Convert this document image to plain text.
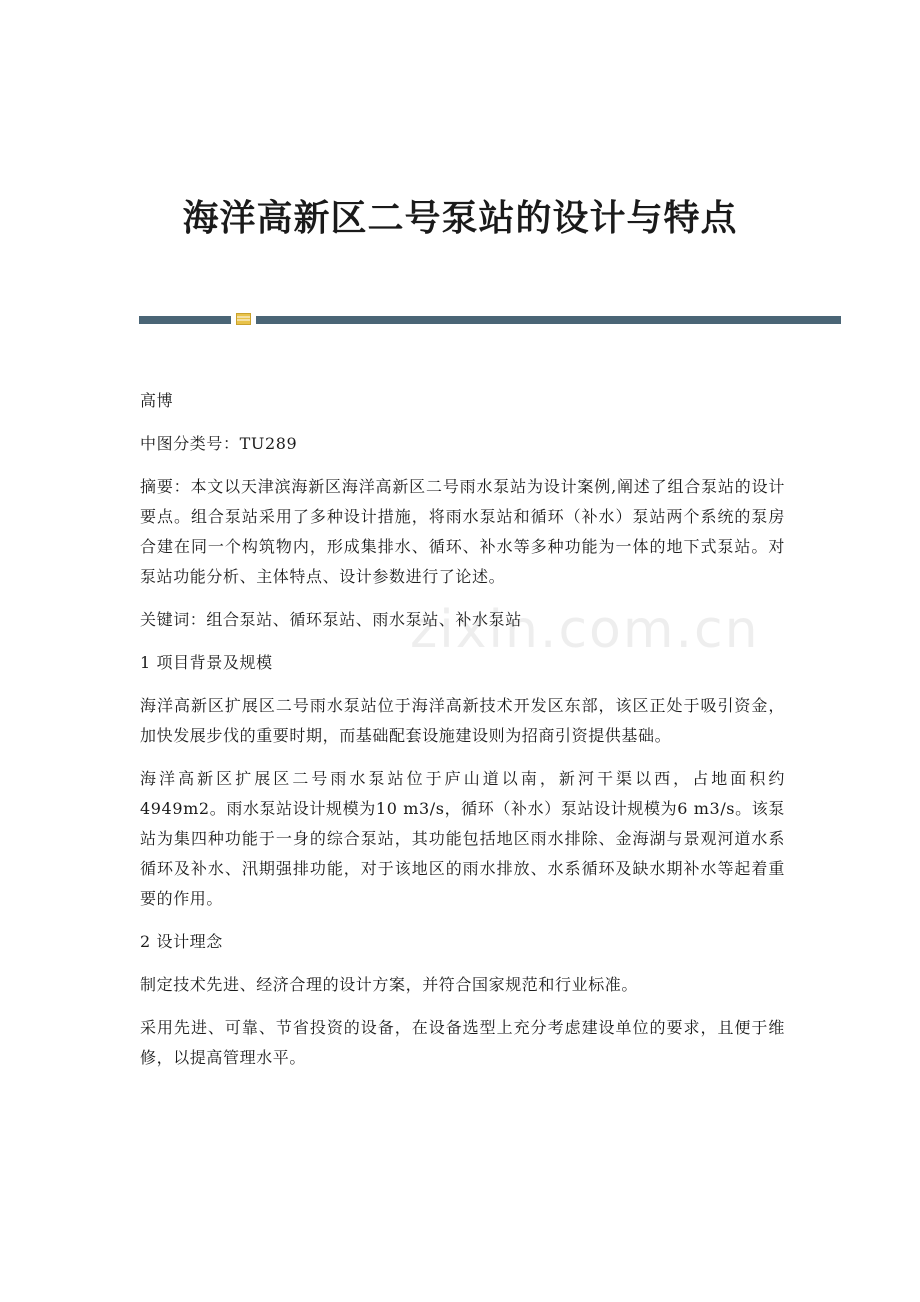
海洋高新区二号泵站的设计与特点
zixin.com.cn

高博

中图分类号：TU289

摘要：本文以天津滨海新区海洋高新区二号雨水泵站为设计案例,阐述了组合泵站的设计要点。组合泵站采用了多种设计措施，将雨水泵站和循环（补水）泵站两个系统的泵房合建在同一个构筑物内，形成集排水、循环、补水等多种功能为一体的地下式泵站。对泵站功能分析、主体特点、设计参数进行了论述。

关键词：组合泵站、循环泵站、雨水泵站、补水泵站

1 项目背景及规模

海洋高新区扩展区二号雨水泵站位于海洋高新技术开发区东部，该区正处于吸引资金，加快发展步伐的重要时期，而基础配套设施建设则为招商引资提供基础。

海洋高新区扩展区二号雨水泵站位于庐山道以南，新河干渠以西，占地面积约4949m2。雨水泵站设计规模为10 m3/s，循环（补水）泵站设计规模为6 m3/s。该泵站为集四种功能于一身的综合泵站，其功能包括地区雨水排除、金海湖与景观河道水系循环及补水、汛期强排功能，对于该地区的雨水排放、水系循环及缺水期补水等起着重要的作用。

2 设计理念

制定技术先进、经济合理的设计方案，并符合国家规范和行业标准。

采用先进、可靠、节省投资的设备，在设备选型上充分考虑建设单位的要求，且便于维修，以提高管理水平。
